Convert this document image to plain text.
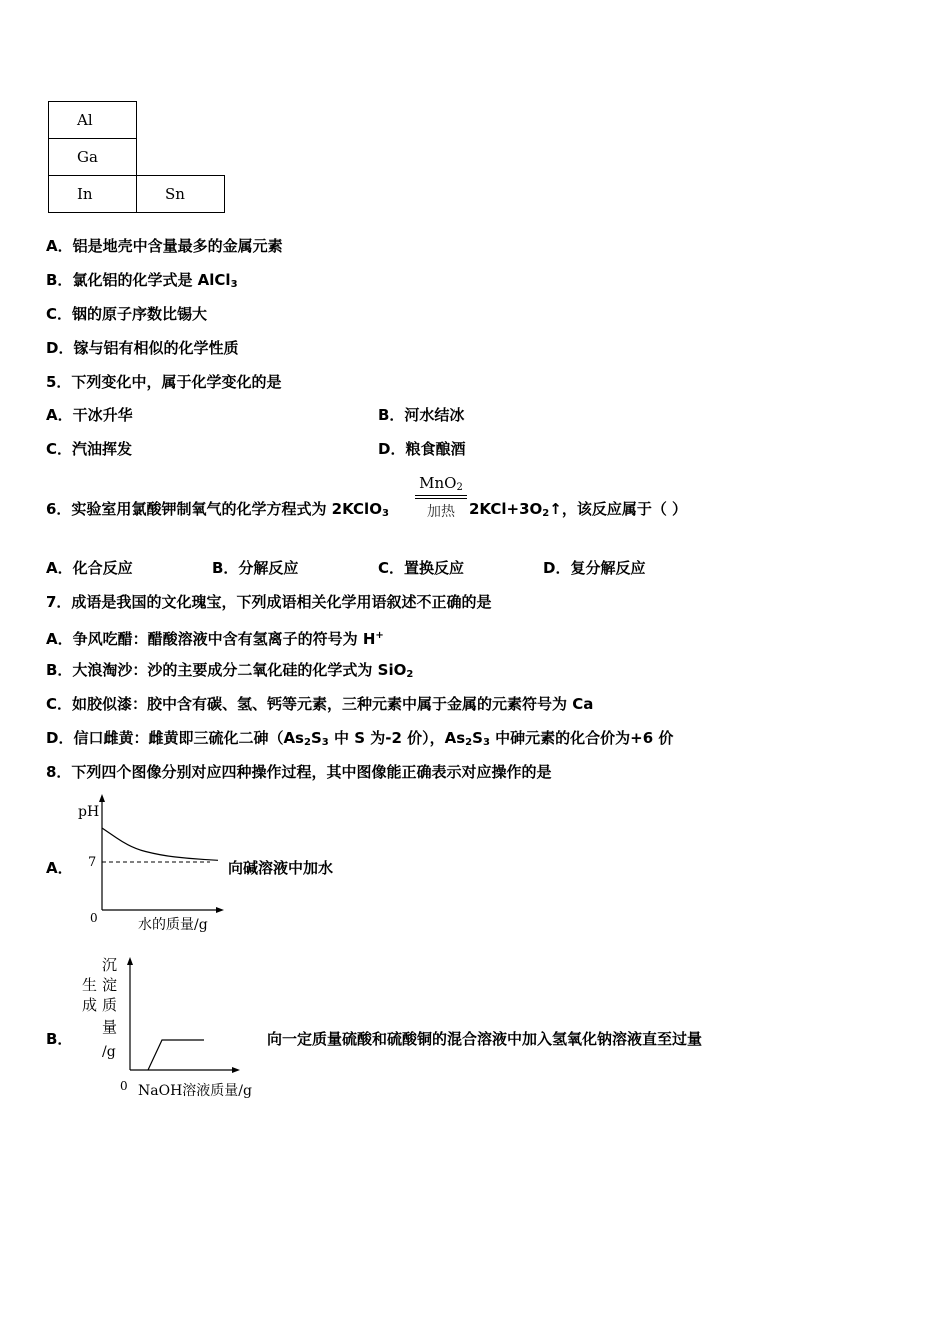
Al	
Ga	
In	Sn
A．铝是地壳中含量最多的金属元素
B．氯化铝的化学式是 AlCl$_3$
C．铟的原子序数比锡大
D．镓与铝有相似的化学性质
5．下列变化中，属于化学变化的是
A．干冰升华	B．河水结冰
C．汽油挥发	D．粮食酿酒
6．实验室用氯酸钾制氧气的化学方程式为 2KClO$_3$
MnO$_2$
加热 $2KCl+3O_2↑$，该反应属于（ ）
A．化合反应	B．分解反应	C．置换反应	D．复分解反应
7．成语是我国的文化瑰宝，下列成语相关化学用语叙述不正确的是
A．争风吃醋：醋酸溶液中含有氢离子的符号为 H+
B．大浪淘沙：沙的主要成分二氧化硅的化学式为 SiO$_2$
C．如胶似漆：胶中含有碳、氢、钙等元素，三种元素中属于金属的元素符号为 Ca
D．信口雌黄：雌黄即三硫化二砷（$As_2S_3$ 中 S 为-2 价），$As_2S_3$ 中砷元素的化合价为+6 价
8．下列四个图像分别对应四种操作过程，其中图像能正确表示对应操作的是
A．	向碱溶液中加水
pH
7
0	水的质量/g
B．	向一定质量硫酸和硫酸铜的混合溶液中加入氢氧化钠溶液直至过量
沉
淀
生
质
成
量
/g
0 NaOH溶液质量/g
